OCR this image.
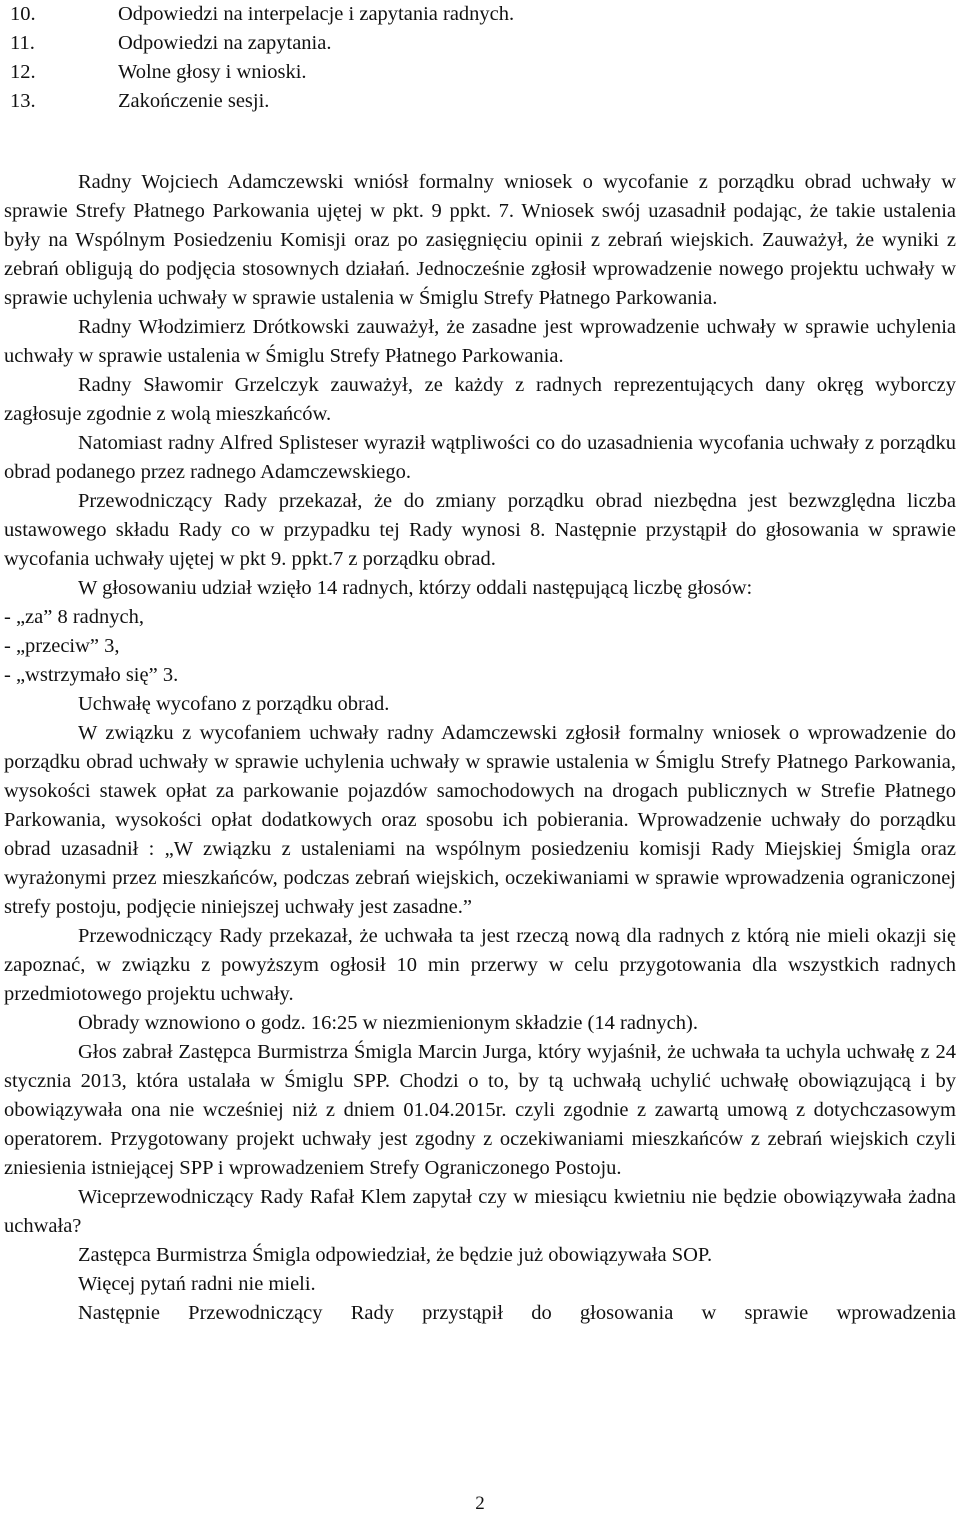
10.	Odpowiedzi na interpelacje i zapytania radnych.
11.	Odpowiedzi na zapytania.
12.	Wolne głosy i wnioski.
13.	Zakończenie sesji.

Radny Wojciech Adamczewski wniósł formalny wniosek o wycofanie z porządku obrad uchwały w sprawie Strefy Płatnego Parkowania ujętej w pkt. 9 ppkt. 7. Wniosek swój uzasadnił podając, że takie ustalenia były na Wspólnym Posiedzeniu Komisji oraz po zasięgnięciu opinii z zebrań wiejskich. Zauważył, że wyniki z zebrań obligują do podjęcia stosownych działań. Jednocześnie zgłosił wprowadzenie nowego projektu uchwały w sprawie uchylenia uchwały w sprawie ustalenia w Śmiglu Strefy Płatnego Parkowania.

Radny Włodzimierz Drótkowski zauważył, że zasadne jest wprowadzenie uchwały w sprawie uchylenia uchwały w sprawie ustalenia w Śmiglu Strefy Płatnego Parkowania.

Radny Sławomir Grzelczyk zauważył, ze każdy z radnych reprezentujących dany okręg wyborczy zagłosuje zgodnie z wolą mieszkańców.

Natomiast radny Alfred Splisteser wyraził wątpliwości co do uzasadnienia wycofania uchwały z porządku obrad podanego przez radnego Adamczewskiego.

Przewodniczący Rady przekazał, że do zmiany porządku obrad niezbędna jest bezwzględna liczba ustawowego składu Rady co w przypadku tej Rady wynosi 8. Następnie przystąpił do głosowania w sprawie wycofania uchwały ujętej w pkt 9. ppkt.7 z porządku obrad.

W głosowaniu udział wzięło 14 radnych, którzy oddali następującą liczbę głosów:

- „za” 8 radnych,

- „przeciw” 3,

- „wstrzymało się” 3.

Uchwałę wycofano z porządku obrad.

W związku z wycofaniem uchwały radny Adamczewski zgłosił formalny wniosek o wprowadzenie do porządku obrad uchwały w sprawie uchylenia uchwały w sprawie ustalenia w Śmiglu Strefy Płatnego Parkowania, wysokości stawek opłat za parkowanie pojazdów samochodowych na drogach publicznych w Strefie Płatnego Parkowania, wysokości opłat dodatkowych oraz sposobu ich pobierania. Wprowadzenie uchwały do porządku obrad uzasadnił : „W związku z ustaleniami na wspólnym posiedzeniu komisji Rady Miejskiej Śmigla oraz wyrażonymi przez mieszkańców, podczas zebrań wiejskich, oczekiwaniami w sprawie wprowadzenia ograniczonej strefy postoju, podjęcie niniejszej uchwały jest zasadne.”

Przewodniczący Rady przekazał, że uchwała ta jest rzeczą nową dla radnych z którą nie mieli okazji się zapoznać, w związku z powyższym ogłosił 10 min przerwy w celu przygotowania dla wszystkich radnych przedmiotowego projektu uchwały.

Obrady wznowiono o godz. 16:25 w niezmienionym składzie (14 radnych).

Głos zabrał Zastępca Burmistrza Śmigla Marcin Jurga, który wyjaśnił, że uchwała ta uchyla uchwałę z 24 stycznia 2013, która ustalała w Śmiglu SPP. Chodzi o to, by tą uchwałą uchylić uchwałę obowiązującą i by obowiązywała ona nie wcześniej niż z dniem 01.04.2015r. czyli zgodnie z zawartą umową z dotychczasowym operatorem. Przygotowany projekt uchwały jest zgodny z oczekiwaniami mieszkańców z zebrań wiejskich czyli zniesienia istniejącej SPP i wprowadzeniem Strefy Ograniczonego Postoju.

Wiceprzewodniczący Rady Rafał Klem zapytał czy w miesiącu kwietniu nie będzie obowiązywała żadna uchwała?

Zastępca Burmistrza Śmigla odpowiedział, że będzie już obowiązywała SOP.

Więcej pytań radni nie mieli.

Następnie Przewodniczący Rady przystąpił do głosowania w sprawie wprowadzenia

2
